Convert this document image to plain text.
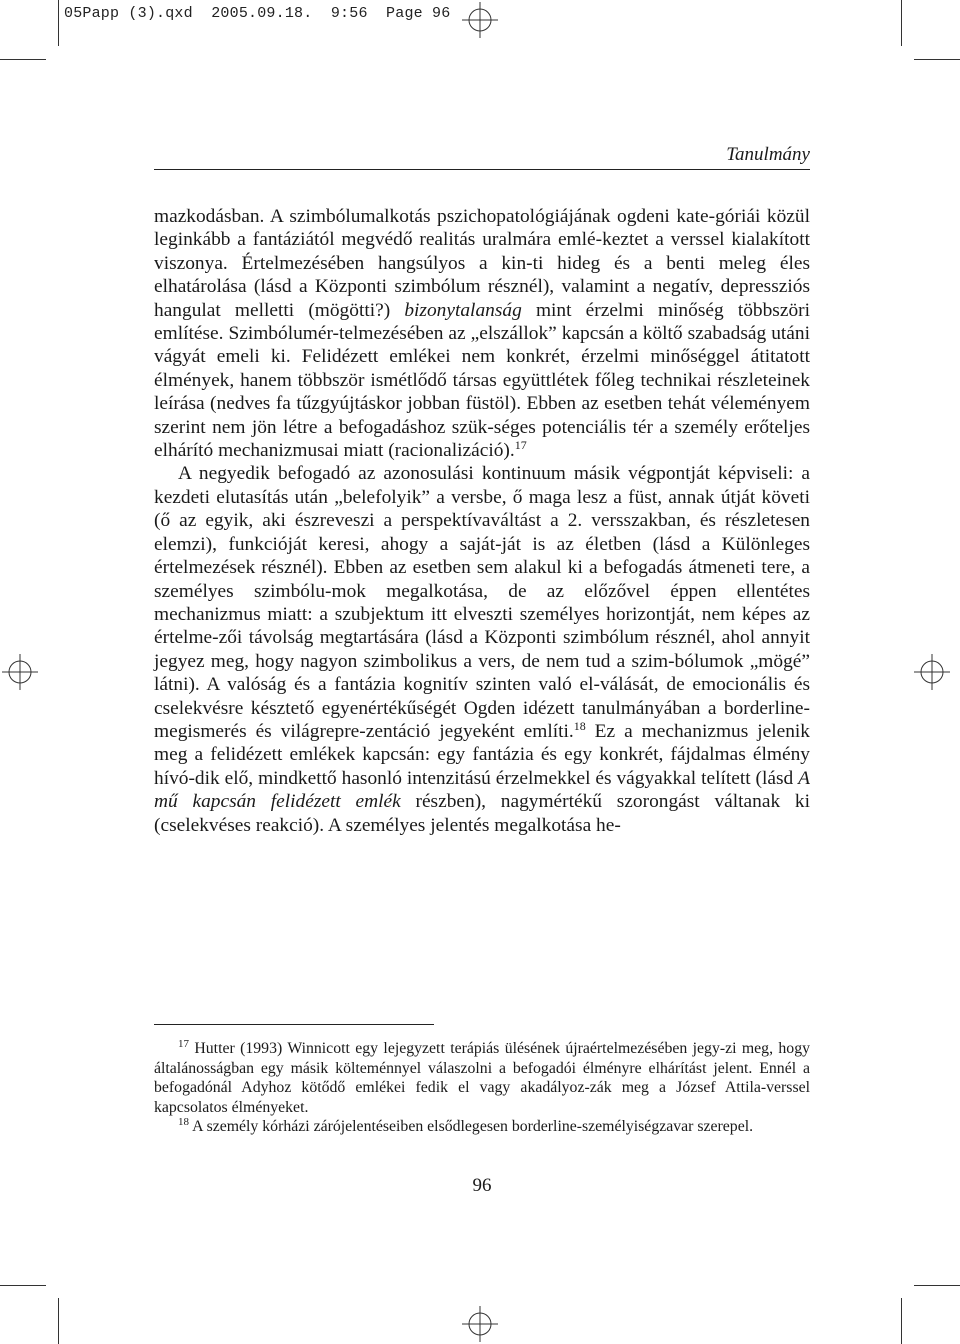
05Papp (3).qxd  2005.09.18.  9:56  Page 96
Tanulmány

mazkodásban. A szimbólumalkotás pszichopatológiájának ogdeni kate-góriái közül leginkább a fantáziától megvédő realitás uralmára emlé-keztet a verssel kialakított viszonya. Értelmezésében hangsúlyos a kin-ti hideg és a benti meleg éles elhatárolása (lásd a Központi szimbólum résznél), valamint a negatív, depressziós hangulat melletti (mögötti?) bizonytalanság mint érzelmi minőség többszöri említése. Szimbólumér-telmezésében az „elszállok” kapcsán a költő szabadság utáni vágyát emeli ki. Felidézett emlékei nem konkrét, érzelmi minőséggel átitatott élmények, hanem többször ismétlődő társas együttlétek főleg technikai részleteinek leírása (nedves fa tűzgyújtáskor jobban füstöl). Ebben az esetben tehát véleményem szerint nem jön létre a befogadáshoz szük-séges potenciális tér a személy erőteljes elhárító mechanizmusai miatt (racionalizáció).$^{17}$

A negyedik befogadó az azonosulási kontinuum másik végpontját képviseli: a kezdeti elutasítás után „belefolyik” a versbe, ő maga lesz a füst, annak útját követi (ő az egyik, aki észreveszi a perspektívaváltást a 2. versszakban, és részletesen elemzi), funkcióját keresi, ahogy a saját-ját is az életben (lásd a Különleges értelmezések résznél). Ebben az esetben sem alakul ki a befogadás átmeneti tere, a személyes szimbólu-mok megalkotása, de az előzővel éppen ellentétes mechanizmus miatt: a szubjektum itt elveszti személyes horizontját, nem képes az értelme-zői távolság megtartására (lásd a Központi szimbólum résznél, ahol annyit jegyez meg, hogy nagyon szimbolikus a vers, de nem tud a szim-bólumok „mögé” látni). A valóság és a fantázia kognitív szinten való el-válását, de emocionális és cselekvésre késztető egyenértékűségét Ogden idézett tanulmányában a borderline-megismerés és világrepre-zentáció jegyeként említi.$^{18}$ Ez a mechanizmus jelenik meg a felidézett emlékek kapcsán: egy fantázia és egy konkrét, fájdalmas élmény hívó-dik elő, mindkettő hasonló intenzitású érzelmekkel és vágyakkal telített (lásd A mű kapcsán felidézett emlék részben), nagymértékű szorongást váltanak ki (cselekvéses reakció). A személyes jelentés megalkotása he-

$^{17}$ Hutter (1993) Winnicott egy lejegyzett terápiás ülésének újraértelmezésében jegy-zi meg, hogy általánosságban egy másik költeménnyel válaszolni a befogadói élményre elhárítást jelent. Ennél a befogadónál Adyhoz kötődő emlékei fedik el vagy akadályoz-zák meg a József Attila-verssel kapcsolatos élményeket.

$^{18}$ A személy kórházi zárójelentéseiben elsődlegesen borderline-személyiségzavar szerepel.

96
